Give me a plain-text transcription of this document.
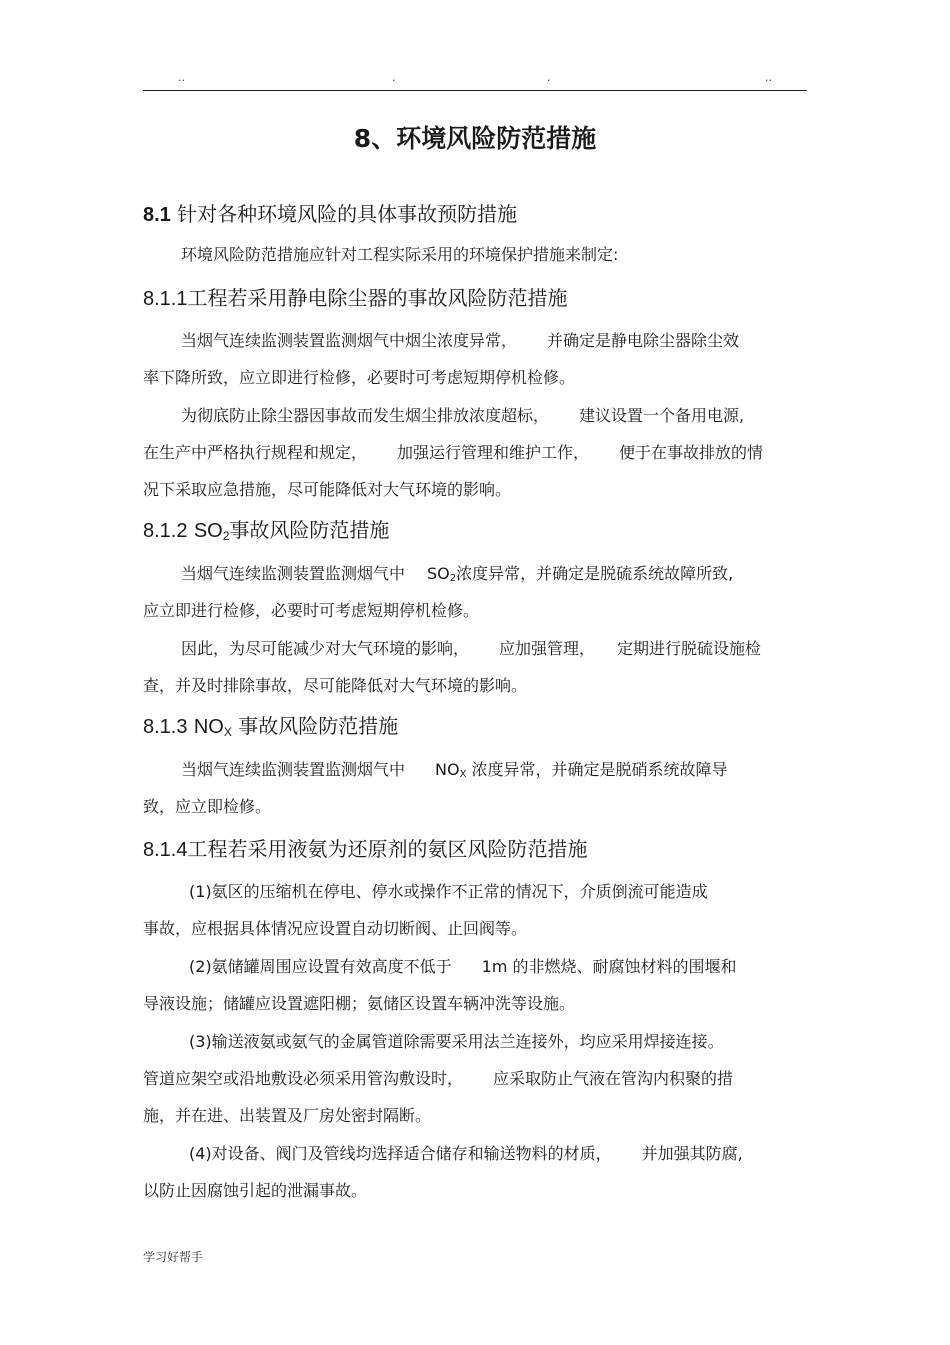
..	.	.	..
8、环境风险防范措施
8.1 针对各种环境风险的具体事故预防措施
环境风险防范措施应针对工程实际采用的环境保护措施来制定:
8.1.1工程若采用静电除尘器的事故风险防范措施
当烟气连续监测装置监测烟气中烟尘浓度异常， 并确定是静电除尘器除尘效
率下降所致，应立即进行检修，必要时可考虑短期停机检修。
为彻底防止除尘器因事故而发生烟尘排放浓度超标， 建议设置一个备用电源,
在生产中严格执行规程和规定， 加强运行管理和维护工作， 便于在事故排放的情
况下采取应急措施，尽可能降低对大气环境的影响。
8.1.2 $SO_2$事故风险防范措施
当烟气连续监测装置监测烟气中 $SO_2$浓度异常，并确定是脱硫系统故障所致,
应立即进行检修，必要时可考虑短期停机检修。
因此，为尽可能减少对大气环境的影响， 应加强管理， 定期进行脱硫设施检
查，并及时排除事故，尽可能降低对大气环境的影响。
8.1.3 $NO_X$ 事故风险防范措施
当烟气连续监测装置监测烟气中 $NO_X$ 浓度异常，并确定是脱硝系统故障导
致，应立即检修。
8.1.4工程若采用液氨为还原剂的氨区风险防范措施
(1)氨区的压缩机在停电、停水或操作不正常的情况下，介质倒流可能造成
事故，应根据具体情况应设置自动切断阀、止回阀等。
(2)氨储罐周围应设置有效高度不低于 1m 的非燃烧、耐腐蚀材料的围堰和
导液设施；储罐应设置遮阳棚；氨储区设置车辆冲洗等设施。
(3)输送液氨或氨气的金属管道除需要采用法兰连接外，均应采用焊接连接。
管道应架空或沿地敷设必须采用管沟敷设时， 应采取防止气液在管沟内积聚的措
施，并在进、出装置及厂房处密封隔断。
(4)对设备、阀门及管线均选择适合储存和输送物料的材质， 并加强其防腐,
以防止因腐蚀引起的泄漏事故。
学习好帮手
